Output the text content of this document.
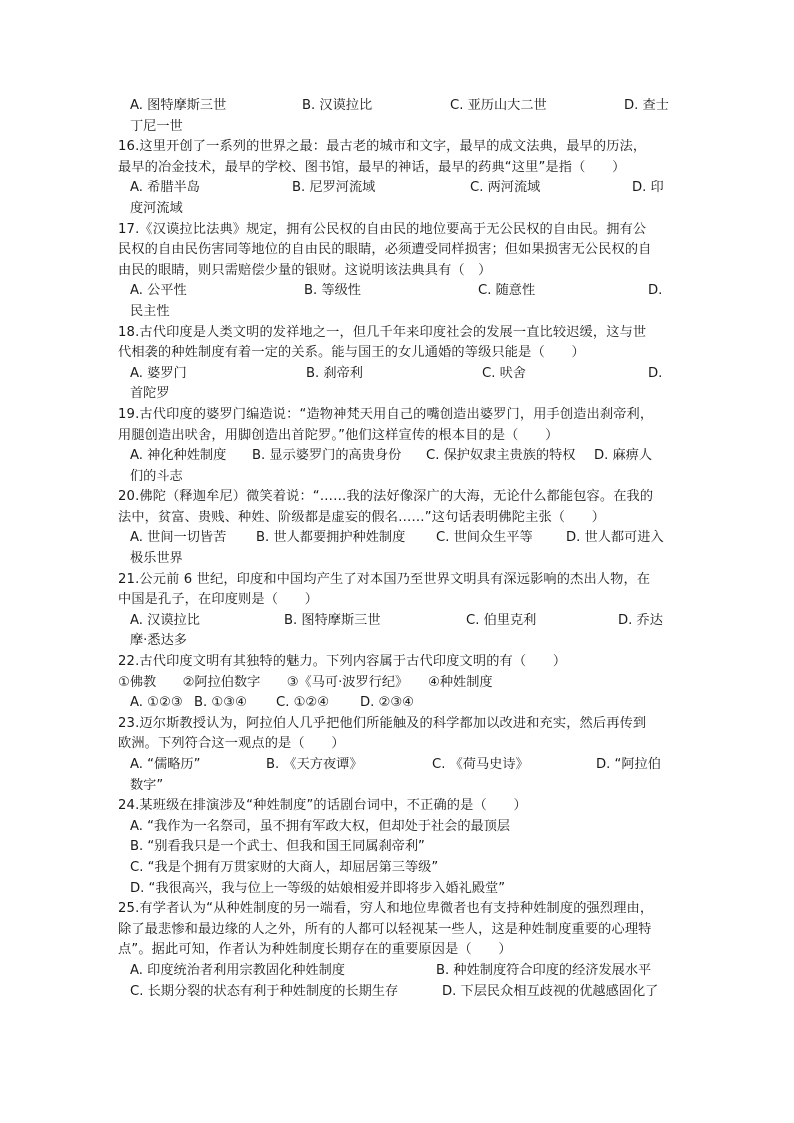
A. 图特摩斯三世	B. 汉谟拉比	C. 亚历山大二世	D. 查士
丁尼一世
16.这里开创了一系列的世界之最：最古老的城市和文字，最早的成文法典，最早的历法，
最早的冶金技术，最早的学校、图书馆，最早的神话，最早的药典“这里”是指（　　）
A. 希腊半岛	B. 尼罗河流域	C. 两河流域	D. 印
度河流域
17.《汉谟拉比法典》规定，拥有公民权的自由民的地位要高于无公民权的自由民。拥有公
民权的自由民伤害同等地位的自由民的眼睛，必须遭受同样损害；但如果损害无公民权的自
由民的眼睛，则只需赔偿少量的银财。这说明该法典具有（　）
A. 公平性	B. 等级性	C. 随意性	D.
民主性
18.古代印度是人类文明的发祥地之一，但几千年来印度社会的发展一直比较迟缓，这与世
代相袭的种姓制度有着一定的关系。能与国王的女儿通婚的等级只能是（　　）
A. 婆罗门	B. 刹帝利	C. 吠舍	D.
首陀罗
19.古代印度的婆罗门编造说：“造物神梵天用自己的嘴创造出婆罗门，用手创造出刹帝利，
用腿创造出吠舍，用脚创造出首陀罗。”他们这样宣传的根本目的是（　　）
A. 神化种姓制度	B. 显示婆罗门的高贵身份	C. 保护奴隶主贵族的特权	D. 麻痹人
们的斗志
20.佛陀（释迦牟尼）微笑着说：“……我的法好像深广的大海，无论什么都能包容。在我的
法中，贫富、贵贱、种姓、阶级都是虚妄的假名……”这句话表明佛陀主张（　　）
A. 世间一切皆苦	B. 世人都要拥护种姓制度	C. 世间众生平等	D. 世人都可进入
极乐世界
21.公元前 6 世纪，印度和中国均产生了对本国乃至世界文明具有深远影响的杰出人物，在
中国是孔子，在印度则是（　　）
A. 汉谟拉比	B. 图特摩斯三世	C. 伯里克利	D. 乔达
摩·悉达多
22.古代印度文明有其独特的魅力。下列内容属于古代印度文明的有（　　）
①佛教　　②阿拉伯数字　　③《马可·波罗行纪》　　④种姓制度
A. ①②③ B. ①③④	C. ①②④	D. ②③④
23.迈尔斯教授认为，阿拉伯人几乎把他们所能触及的科学都加以改进和充实，然后再传到
欧洲。下列符合这一观点的是（　　）
A. “儒略历”	B. 《天方夜谭》	C. 《荷马史诗》	D. “阿拉伯
数字”
24.某班级在排演涉及“种姓制度”的话剧台词中，不正确的是（　　）
A. “我作为一名祭司，虽不拥有军政大权，但却处于社会的最顶层
B. “别看我只是一个武士、但我和国王同属刹帝利”
C. “我是个拥有万贯家财的大商人，却屈居第三等级”
D. “我很高兴，我与位上一等级的姑娘相爱并即将步入婚礼殿堂”
25.有学者认为“从种姓制度的另一端看，穷人和地位卑微者也有支持种姓制度的强烈理由，
除了最悲惨和最边缘的人之外，所有的人都可以轻视某一些人，这是种姓制度重要的心理特
点”。据此可知，作者认为种姓制度长期存在的重要原因是（　　）
A. 印度统治者利用宗教固化种姓制度	B. 种姓制度符合印度的经济发展水平
C. 长期分裂的状态有利于种姓制度的长期生存	D. 下层民众相互歧视的优越感固化了
